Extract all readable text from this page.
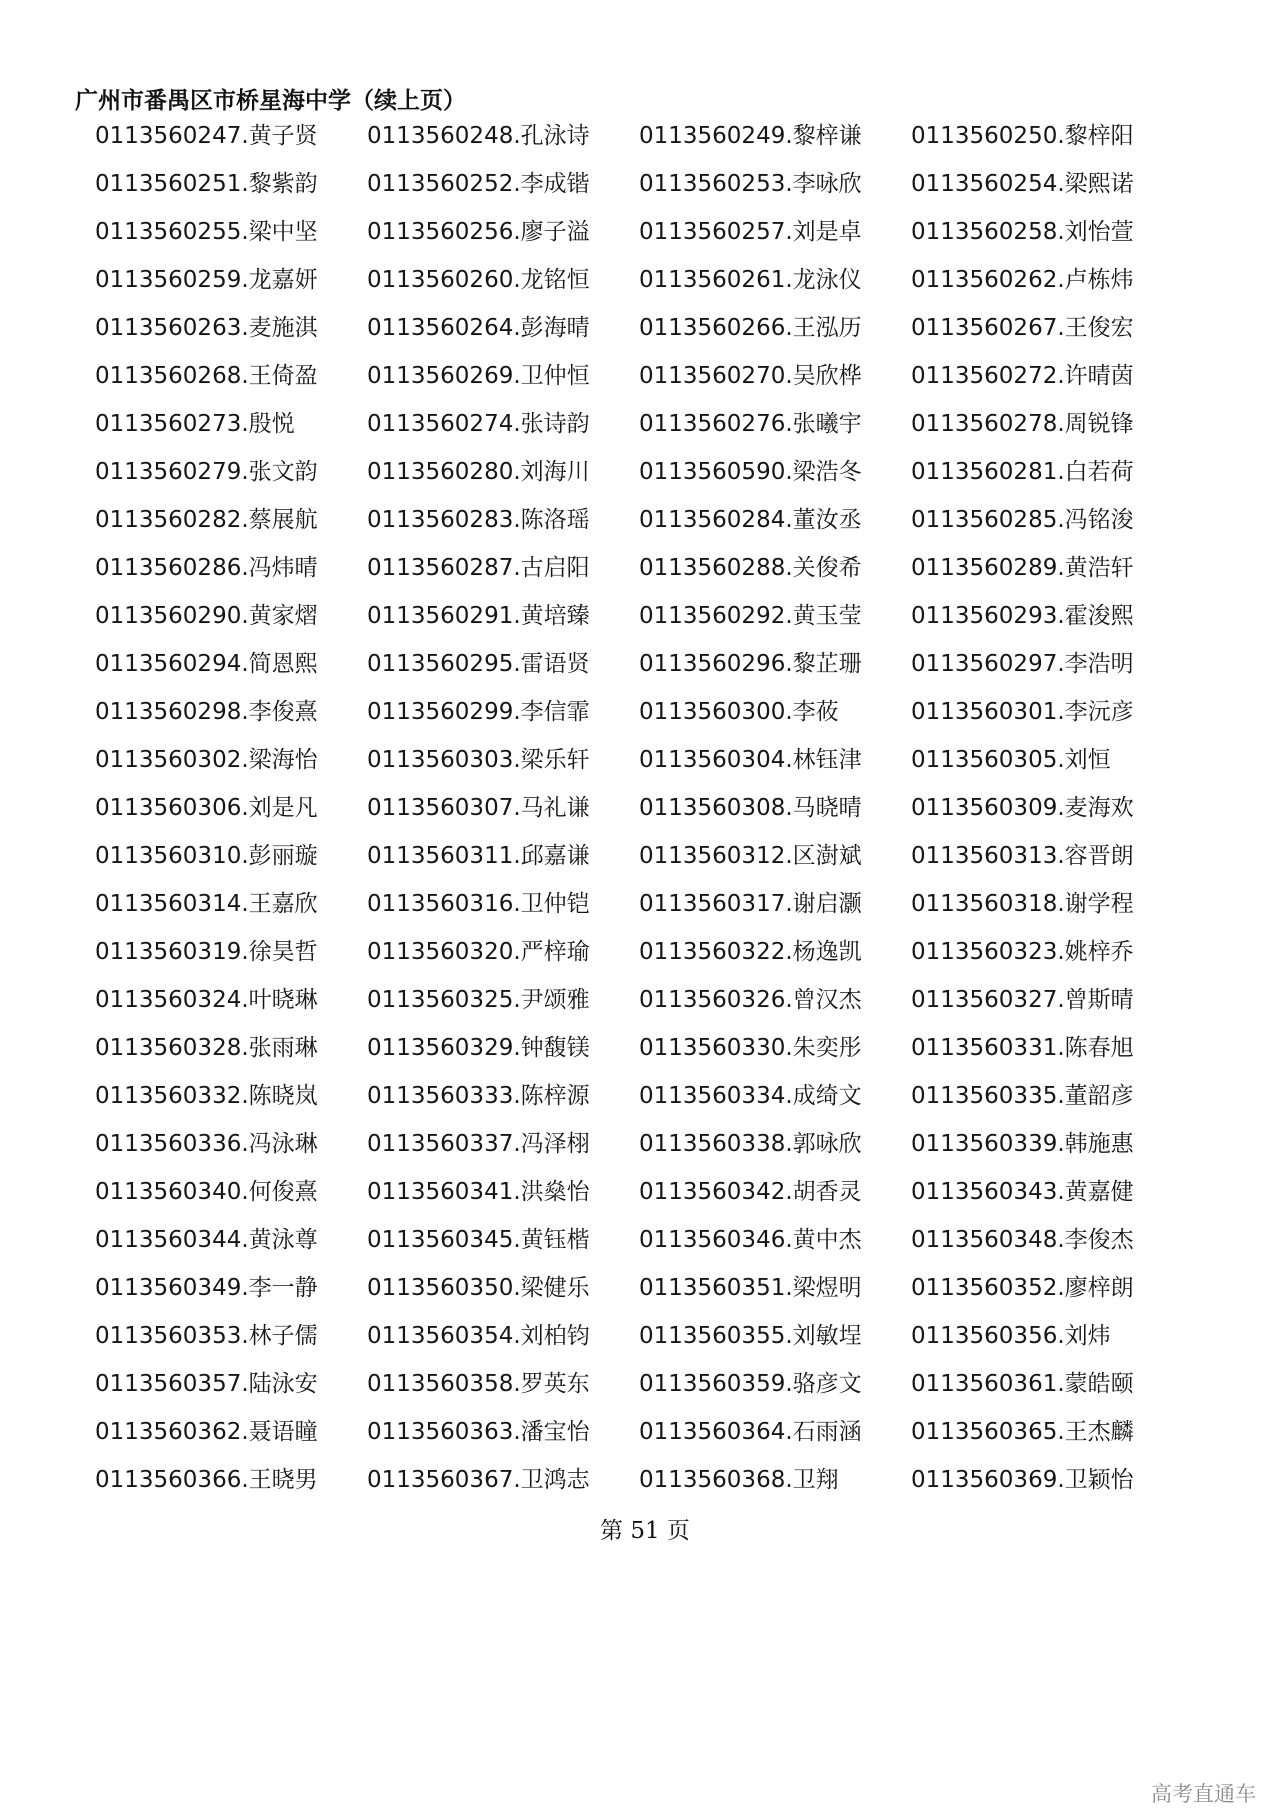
广州市番禺区市桥星海中学（续上页）
0113560247.黄子贤	0113560248.孔泳诗	0113560249.黎梓谦	0113560250.黎梓阳
0113560251.黎紫韵	0113560252.李成锴	0113560253.李咏欣	0113560254.梁熙诺
0113560255.梁中坚	0113560256.廖子溢	0113560257.刘是卓	0113560258.刘怡萱
0113560259.龙嘉妍	0113560260.龙铭恒	0113560261.龙泳仪	0113560262.卢栋炜
0113560263.麦施淇	0113560264.彭海晴	0113560266.王泓历	0113560267.王俊宏
0113560268.王倚盈	0113560269.卫仲恒	0113560270.吴欣桦	0113560272.许晴茵
0113560273.殷悦	0113560274.张诗韵	0113560276.张曦宇	0113560278.周锐锋
0113560279.张文韵	0113560280.刘海川	0113560590.梁浩冬	0113560281.白若荷
0113560282.蔡展航	0113560283.陈洛瑶	0113560284.董汝丞	0113560285.冯铭浚
0113560286.冯炜晴	0113560287.古启阳	0113560288.关俊希	0113560289.黄浩轩
0113560290.黄家熠	0113560291.黄培臻	0113560292.黄玉莹	0113560293.霍浚熙
0113560294.简恩熙	0113560295.雷语贤	0113560296.黎芷珊	0113560297.李浩明
0113560298.李俊熹	0113560299.李信霏	0113560300.李莜	0113560301.李沅彦
0113560302.梁海怡	0113560303.梁乐轩	0113560304.林钰津	0113560305.刘恒
0113560306.刘是凡	0113560307.马礼谦	0113560308.马晓晴	0113560309.麦海欢
0113560310.彭丽璇	0113560311.邱嘉谦	0113560312.区澍斌	0113560313.容晋朗
0113560314.王嘉欣	0113560316.卫仲铠	0113560317.谢启灏	0113560318.谢学程
0113560319.徐昊哲	0113560320.严梓瑜	0113560322.杨逸凯	0113560323.姚梓乔
0113560324.叶晓琳	0113560325.尹颂雅	0113560326.曾汉杰	0113560327.曾斯晴
0113560328.张雨琳	0113560329.钟馥镁	0113560330.朱奕彤	0113560331.陈春旭
0113560332.陈晓岚	0113560333.陈梓源	0113560334.成绮文	0113560335.董韶彦
0113560336.冯泳琳	0113560337.冯泽栩	0113560338.郭咏欣	0113560339.韩施惠
0113560340.何俊熹	0113560341.洪燊怡	0113560342.胡香灵	0113560343.黄嘉健
0113560344.黄泳尊	0113560345.黄钰楷	0113560346.黄中杰	0113560348.李俊杰
0113560349.李一静	0113560350.梁健乐	0113560351.梁煜明	0113560352.廖梓朗
0113560353.林子儒	0113560354.刘柏钧	0113560355.刘敏埕	0113560356.刘炜
0113560357.陆泳安	0113560358.罗英东	0113560359.骆彦文	0113560361.蒙皓颐
0113560362.聂语瞳	0113560363.潘宝怡	0113560364.石雨涵	0113560365.王杰麟
0113560366.王晓男	0113560367.卫鸿志	0113560368.卫翔	0113560369.卫颖怡
第 51 页
高考直通车
